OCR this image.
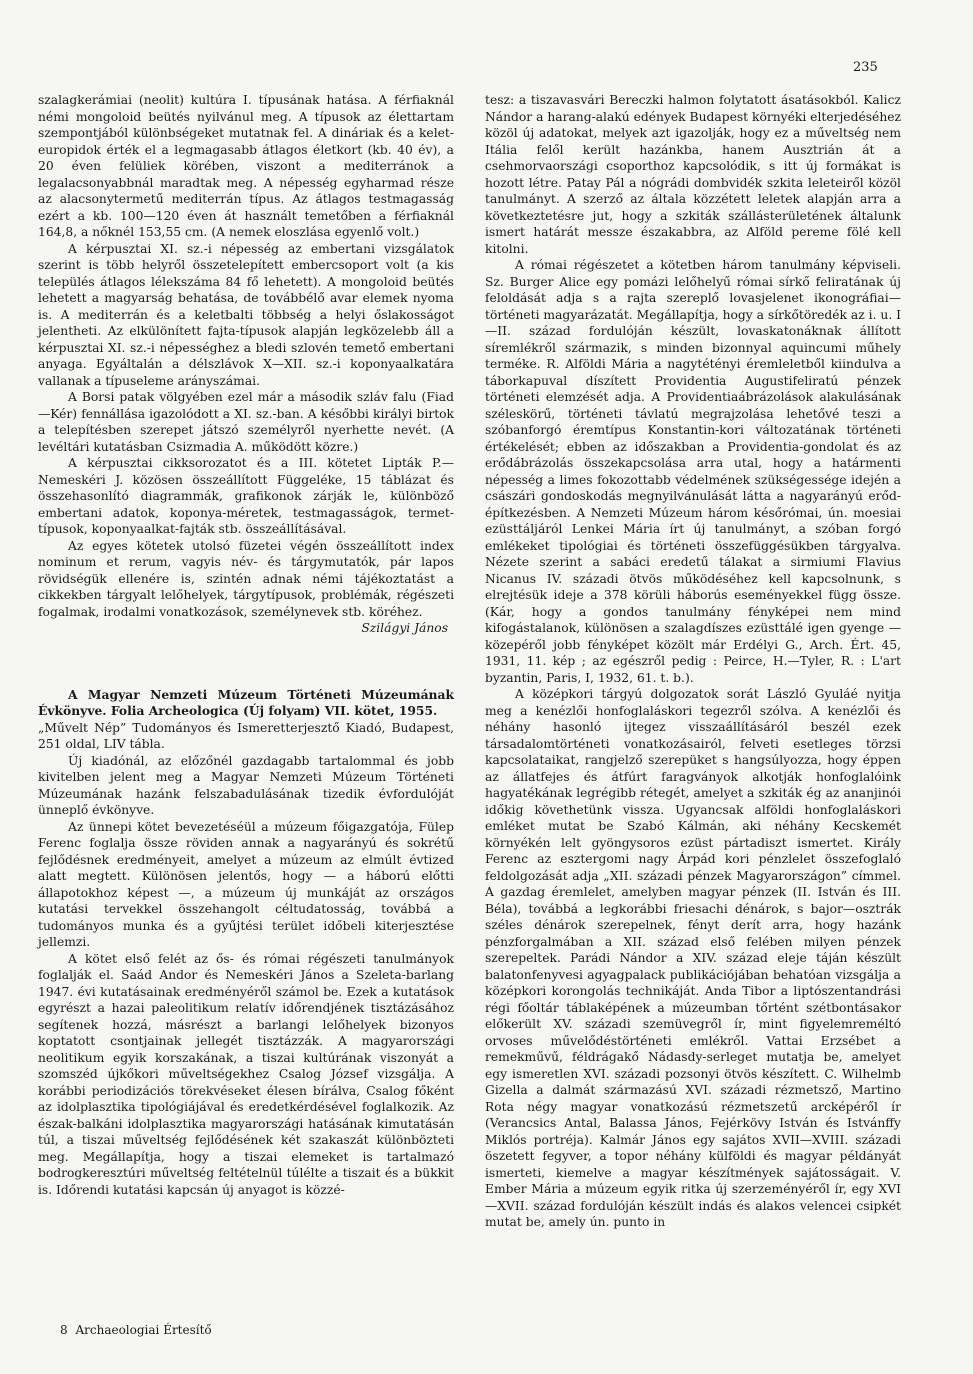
235

szalagkerámiai (neolit) kultúra I. típusának hatása. A férfiaknál némi mongoloid beütés nyilvánul meg. A típusok az élettartam szempontjából különbségeket mutatnak fel. A dináriak és a kelet-europidok érték el a legmagasabb átlagos életkort (kb. 40 év), a 20 éven felüliek körében, viszont a mediterránok a legalacsonyabbnál maradtak meg. A népesség egyharmad része az alacsonytermetű mediterrán típus. Az átlagos testmagasság ezért a kb. 100—120 éven át használt temetőben a férfiaknál 164,8, a nőknél 153,55 cm. (A nemek eloszlása egyenlő volt.)

A kérpusztai XI. sz.-i népesség az embertani vizsgálatok szerint is több helyről összetelepített embercsoport volt (a kis település átlagos lélekszáma 84 fő lehetett). A mongoloid beütés lehetett a magyarság behatása, de továbbélő avar elemek nyoma is. A mediterrán és a keletbalti többség a helyi őslakosságot jelentheti. Az elkülönített fajta-típusok alapján legközelebb áll a kérpusztai XI. sz.-i népességhez a bledi szlovén temető embertani anyaga. Egyáltalán a délszlávok X—XII. sz.-i koponyaalkatára vallanak a típuseleme arányszámai.

A Borsi patak völgyében ezel már a második szláv falu (Fiad—Kér) fennállása igazolódott a XI. sz.-ban. A későbbi királyi birtok a telepítésben szerepet játszó személyről nyerhette nevét. (A levéltári kutatásban Csizmadia A. működött közre.)

A kérpusztai cikksorozatot és a III. kötetet Lipták P.—Nemeskéri J. közösen összeállított Függeléke, 15 táblázat és összehasonlító diagrammák, grafikonok zárják le, különböző embertani adatok, koponya-méretek, testmagasságok, termet-típusok, koponyaalkat-fajták stb. összeállításával.

Az egyes kötetek utolsó füzetei végén összeállított index nominum et rerum, vagyis név- és tárgymutatók, pár lapos rövidségük ellenére is, szintén adnak némi tájékoztatást a cikkekben tárgyalt lelőhelyek, tárgytípusok, problémák, régészeti fogalmak, irodalmi vonatkozások, személynevek stb. köréhez.

Szilágyi János

A Magyar Nemzeti Múzeum Történeti Múzeumának Évkönyve. Folia Archeologica (Új folyam) VII. kötet, 1955.

„Művelt Nép” Tudományos és Ismeretterjesztő Kiadó, Budapest, 251 oldal, LIV tábla.

Új kiadónál, az előzőnél gazdagabb tartalommal és jobb kivitelben jelent meg a Magyar Nemzeti Múzeum Történeti Múzeumának hazánk felszabadulásának tizedik évfordulóját ünneplő évkönyve.

Az ünnepi kötet bevezetéséül a múzeum főigazgatója, Fülep Ferenc foglalja össze röviden annak a nagyarányú és sokrétű fejlődésnek eredményeit, amelyet a múzeum az elmúlt évtized alatt megtett. Különösen jelentős, hogy — a háború előtti állapotokhoz képest —, a múzeum új munkáját az országos kutatási tervekkel összehangolt céltudatosság, továbbá a tudományos munka és a gyűjtési terület időbeli kiterjesztése jellemzi.

A kötet első felét az ős- és római régészeti tanulmányok foglalják el. Saád Andor és Nemeskéri János a Szeleta-barlang 1947. évi kutatásainak eredményéről számol be. Ezek a kutatások egyrészt a hazai paleolitikum relatív időrendjének tisztázásához segítenek hozzá, másrészt a barlangi lelőhelyek bizonyos koptatott csontjainak jellegét tisztázzák. A magyarországi neolitikum egyik korszakának, a tiszai kultúrának viszonyát a szomszéd újkőkori műveltségekhez Csalog József vizsgálja. A korábbi periodizációs törekvéseket élesen bírálva, Csalog főként az idolplasztika tipológiájával és eredetkérdésével foglalkozik. Az észak-balkáni idolplasztika magyarországi hatásának kimutatásán túl, a tiszai műveltség fejlődésének két szakaszát különbözteti meg. Megállapítja, hogy a tiszai elemeket is tartalmazó bodrogkeresztúri műveltség feltételnül túlélte a tiszait és a bükkit is. Időrendi kutatási kapcsán új anyagot is közzé-

tesz: a tiszavasvári Bereczki halmon folytatott ásatásokból. Kalicz Nándor a harang-alakú edények Budapest környéki elterjedéséhez közöl új adatokat, melyek azt igazolják, hogy ez a műveltség nem Itália felől került hazánkba, hanem Ausztrián át a csehmorvaországi csoporthoz kapcsolódik, s itt új formákat is hozott létre. Patay Pál a nógrádi dombvidék szkita leleteiről közöl tanulmányt. A szerző az általa közzétett leletek alapján arra a következtetésre jut, hogy a szkiták szállásterületének általunk ismert határát messze északabbra, az Alföld pereme fölé kell kitolni.

A római régészetet a kötetben három tanulmány képviseli. Sz. Burger Alice egy pomázi lelőhelyű római sírkő feliratának új feloldását adja s a rajta szereplő lovasjelenet ikonográfiai—történeti magyarázatát. Megállapítja, hogy a sírkőtöredék az i. u. I—II. század fordulóján készült, lovaskatonáknak állított síremlékről származik, s minden bizonnyal aquincumi műhely terméke. R. Alföldi Mária a nagytétényi éremleletből kiindulva a táborkapuval díszített Providentia Augustifeliratú pénzek történeti elemzését adja. A Providentiaábrázolások alakulásának széleskörű, történeti távlatú megrajzolása lehetővé teszi a szóbanforgó éremtípus Konstantin-kori változatának történeti értékelését; ebben az időszakban a Providentia-gondolat és az erődábrázolás összekapcsolása arra utal, hogy a határmenti népesség a limes fokozottabb védelmének szükségessége idején a császári gondoskodás megnyilvánulását látta a nagyarányú erőd-építkezésben. A Nemzeti Múzeum három későrómai, ún. moesiai ezüsttáljáról Lenkei Mária írt új tanulmányt, a szóban forgó emlékeket tipológiai és történeti összefüggésükben tárgyalva. Nézete szerint a sabáci eredetű tálakat a sirmiumi Flavius Nicanus IV. századi ötvös működéséhez kell kapcsolnunk, s elrejtésük ideje a 378 körüli háborús eseményekkel függ össze. (Kár, hogy a gondos tanulmány fényképei nem mind kifogástalanok, különösen a szalagdíszes ezüsttálé igen gyenge — közepéről jobb fényképet közölt már Erdélyi G., Arch. Ért. 45, 1931, 11. kép ; az egészről pedig : Peirce, H.—Tyler, R. : L'art byzantin, Paris, I, 1932, 61. t. b.).

A középkori tárgyú dolgozatok sorát László Gyuláé nyitja meg a kenézlői honfoglaláskori tegezről szólva. A kenézlői és néhány hasonló ijtegez visszaállításáról beszél ezek társadalomtörténeti vonatkozásairól, felveti esetleges törzsi kapcsolataikat, rangjelző szerepüket s hangsúlyozza, hogy éppen az állatfejes és átfúrt faragványok alkotják honfoglalóink hagyatékának legrégibb rétegét, amelyet a szkiták ég az ananjinói időkig követhetünk vissza. Ugyancsak alföldi honfoglaláskori emléket mutat be Szabó Kálmán, aki néhány Kecskemét környékén lelt gyöngysoros ezüst pártadiszt ismertet. Király Ferenc az esztergomi nagy Árpád kori pénzlelet összefoglaló feldolgozását adja „XII. századi pénzek Magyarországon” címmel. A gazdag éremlelet, amelyben magyar pénzek (II. István és III. Béla), továbbá a legkorábbi friesachi dénárok, s bajor—osztrák széles dénárok szerepelnek, fényt derít arra, hogy hazánk pénzforgalmában a XII. század első felében milyen pénzek szerepeltek. Parádi Nándor a XIV. század eleje táján készült balatonfenyvesi agyagpalack publikációjában behatóan vizsgálja a középkori korongolás technikáját. Anda Tibor a liptószentandrási régi főoltár táblaképének a múzeumban tőrtént szétbontásakor előkerült XV. századi szemüvegről ír, mint figyelemreméltó orvoses művelődéstörténeti emlékről. Vattai Erzsébet a remekművű, féldrágakő Nádasdy-serleget mutatja be, amelyet egy ismeretlen XVI. századi pozsonyi ötvös készített. C. Wilhelmb Gizella a dalmát származású XVI. századi rézmetsző, Martino Rota négy magyar vonatkozású rézmetszetű arcképéről ír (Verancsics Antal, Balassa János, Fejérkövy István és Istvánffy Miklós portréja). Kalmár János egy sajátos XVII—XVIII. századi öszetett fegyver, a topor néhány külföldi és magyar példányát ismerteti, kiemelve a magyar készítmények sajátosságait. V. Ember Mária a múzeum egyik ritka új szerzeményéről ír, egy XVI—XVII. század fordulóján készült indás és alakos velencei csipkét mutat be, amely ún. punto in

8 Archaeologiai Értesítő
